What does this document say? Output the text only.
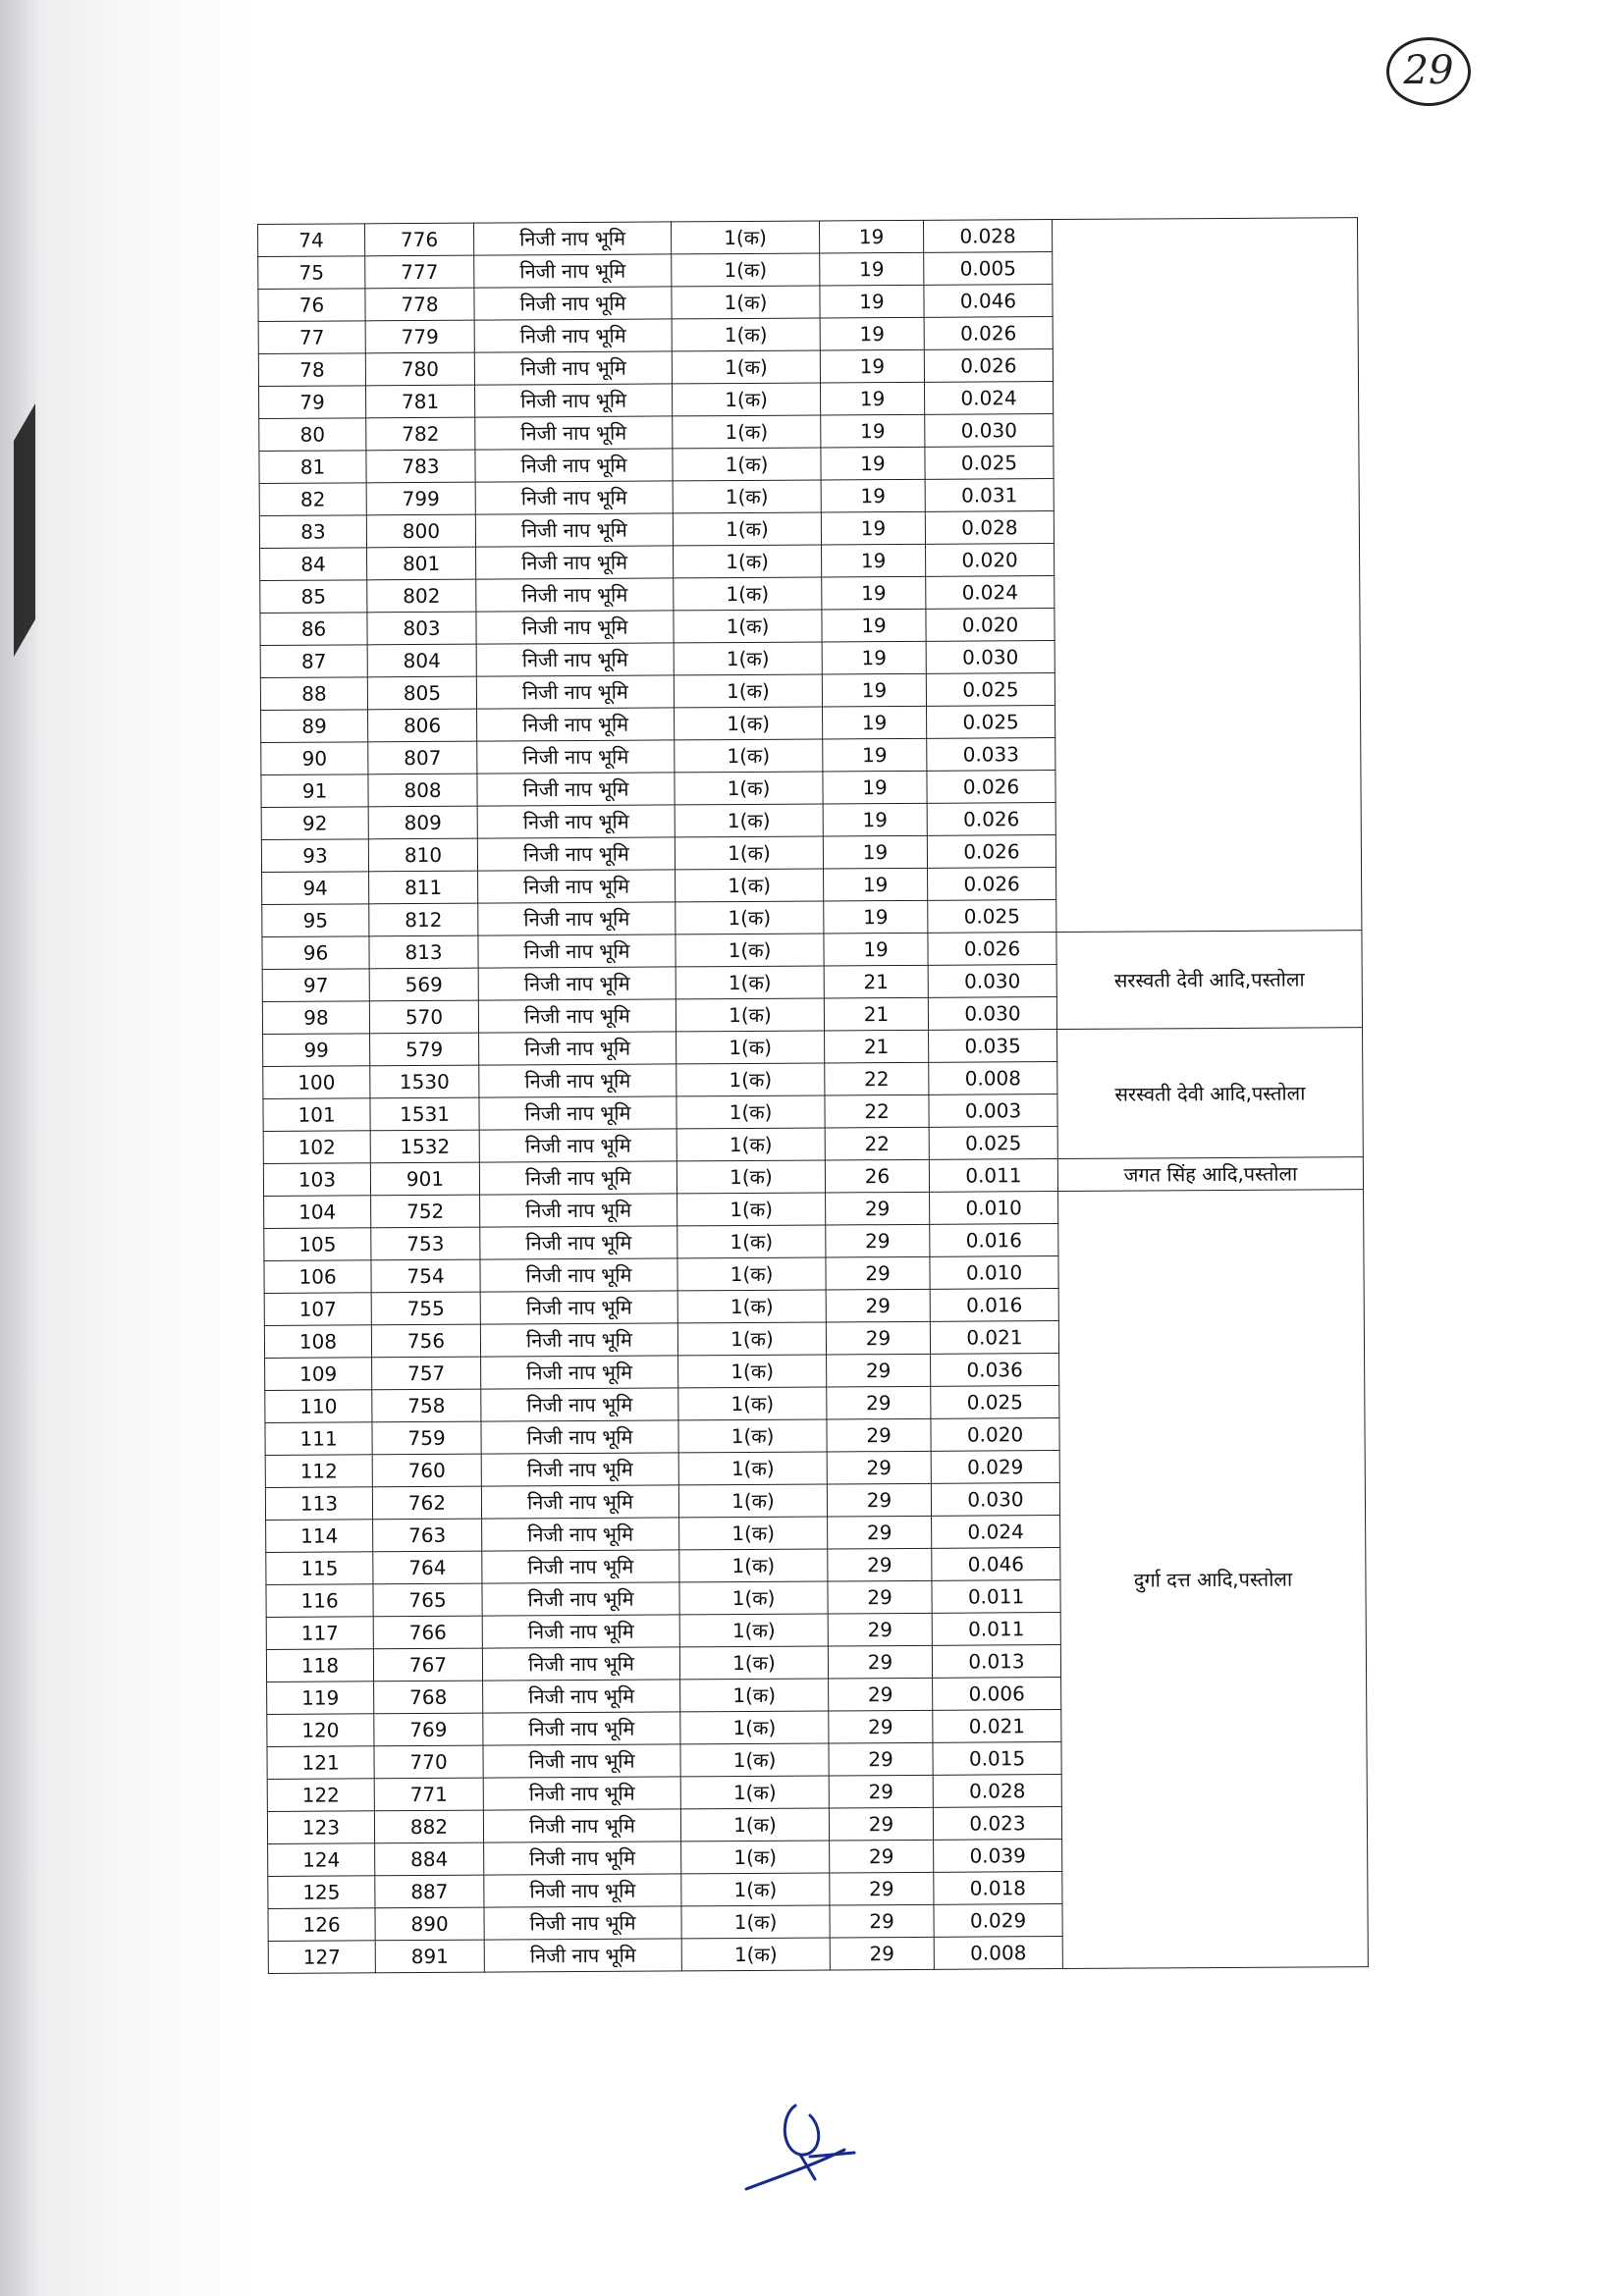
29
74	776	निजी नाप भूमि	1(क)	19	0.028	
75	777	निजी नाप भूमि	1(क)	19	0.005	
76	778	निजी नाप भूमि	1(क)	19	0.046	
77	779	निजी नाप भूमि	1(क)	19	0.026	
78	780	निजी नाप भूमि	1(क)	19	0.026	
79	781	निजी नाप भूमि	1(क)	19	0.024	
80	782	निजी नाप भूमि	1(क)	19	0.030	
81	783	निजी नाप भूमि	1(क)	19	0.025	
82	799	निजी नाप भूमि	1(क)	19	0.031	
83	800	निजी नाप भूमि	1(क)	19	0.028	
84	801	निजी नाप भूमि	1(क)	19	0.020	
85	802	निजी नाप भूमि	1(क)	19	0.024	
86	803	निजी नाप भूमि	1(क)	19	0.020	
87	804	निजी नाप भूमि	1(क)	19	0.030	
88	805	निजी नाप भूमि	1(क)	19	0.025	
89	806	निजी नाप भूमि	1(क)	19	0.025	
90	807	निजी नाप भूमि	1(क)	19	0.033	
91	808	निजी नाप भूमि	1(क)	19	0.026	
92	809	निजी नाप भूमि	1(क)	19	0.026	
93	810	निजी नाप भूमि	1(क)	19	0.026	
94	811	निजी नाप भूमि	1(क)	19	0.026	
95	812	निजी नाप भूमि	1(क)	19	0.025	
96	813	निजी नाप भूमि	1(क)	19	0.026	सरस्वती देवी आदि,पस्तोला
97	569	निजी नाप भूमि	1(क)	21	0.030	
98	570	निजी नाप भूमि	1(क)	21	0.030	
99	579	निजी नाप भूमि	1(क)	21	0.035	सरस्वती देवी आदि,पस्तोला
100	1530	निजी नाप भूमि	1(क)	22	0.008	
101	1531	निजी नाप भूमि	1(क)	22	0.003	
102	1532	निजी नाप भूमि	1(क)	22	0.025	
103	901	निजी नाप भूमि	1(क)	26	0.011	जगत सिंह आदि,पस्तोला
104	752	निजी नाप भूमि	1(क)	29	0.010	दुर्गा दत्त आदि,पस्तोला
105	753	निजी नाप भूमि	1(क)	29	0.016	
106	754	निजी नाप भूमि	1(क)	29	0.010	
107	755	निजी नाप भूमि	1(क)	29	0.016	
108	756	निजी नाप भूमि	1(क)	29	0.021	
109	757	निजी नाप भूमि	1(क)	29	0.036	
110	758	निजी नाप भूमि	1(क)	29	0.025	
111	759	निजी नाप भूमि	1(क)	29	0.020	
112	760	निजी नाप भूमि	1(क)	29	0.029	
113	762	निजी नाप भूमि	1(क)	29	0.030	
114	763	निजी नाप भूमि	1(क)	29	0.024	
115	764	निजी नाप भूमि	1(क)	29	0.046	
116	765	निजी नाप भूमि	1(क)	29	0.011	
117	766	निजी नाप भूमि	1(क)	29	0.011	
118	767	निजी नाप भूमि	1(क)	29	0.013	
119	768	निजी नाप भूमि	1(क)	29	0.006	
120	769	निजी नाप भूमि	1(क)	29	0.021	
121	770	निजी नाप भूमि	1(क)	29	0.015	
122	771	निजी नाप भूमि	1(क)	29	0.028	
123	882	निजी नाप भूमि	1(क)	29	0.023	
124	884	निजी नाप भूमि	1(क)	29	0.039	
125	887	निजी नाप भूमि	1(क)	29	0.018	
126	890	निजी नाप भूमि	1(क)	29	0.029	
127	891	निजी नाप भूमि	1(क)	29	0.008	
